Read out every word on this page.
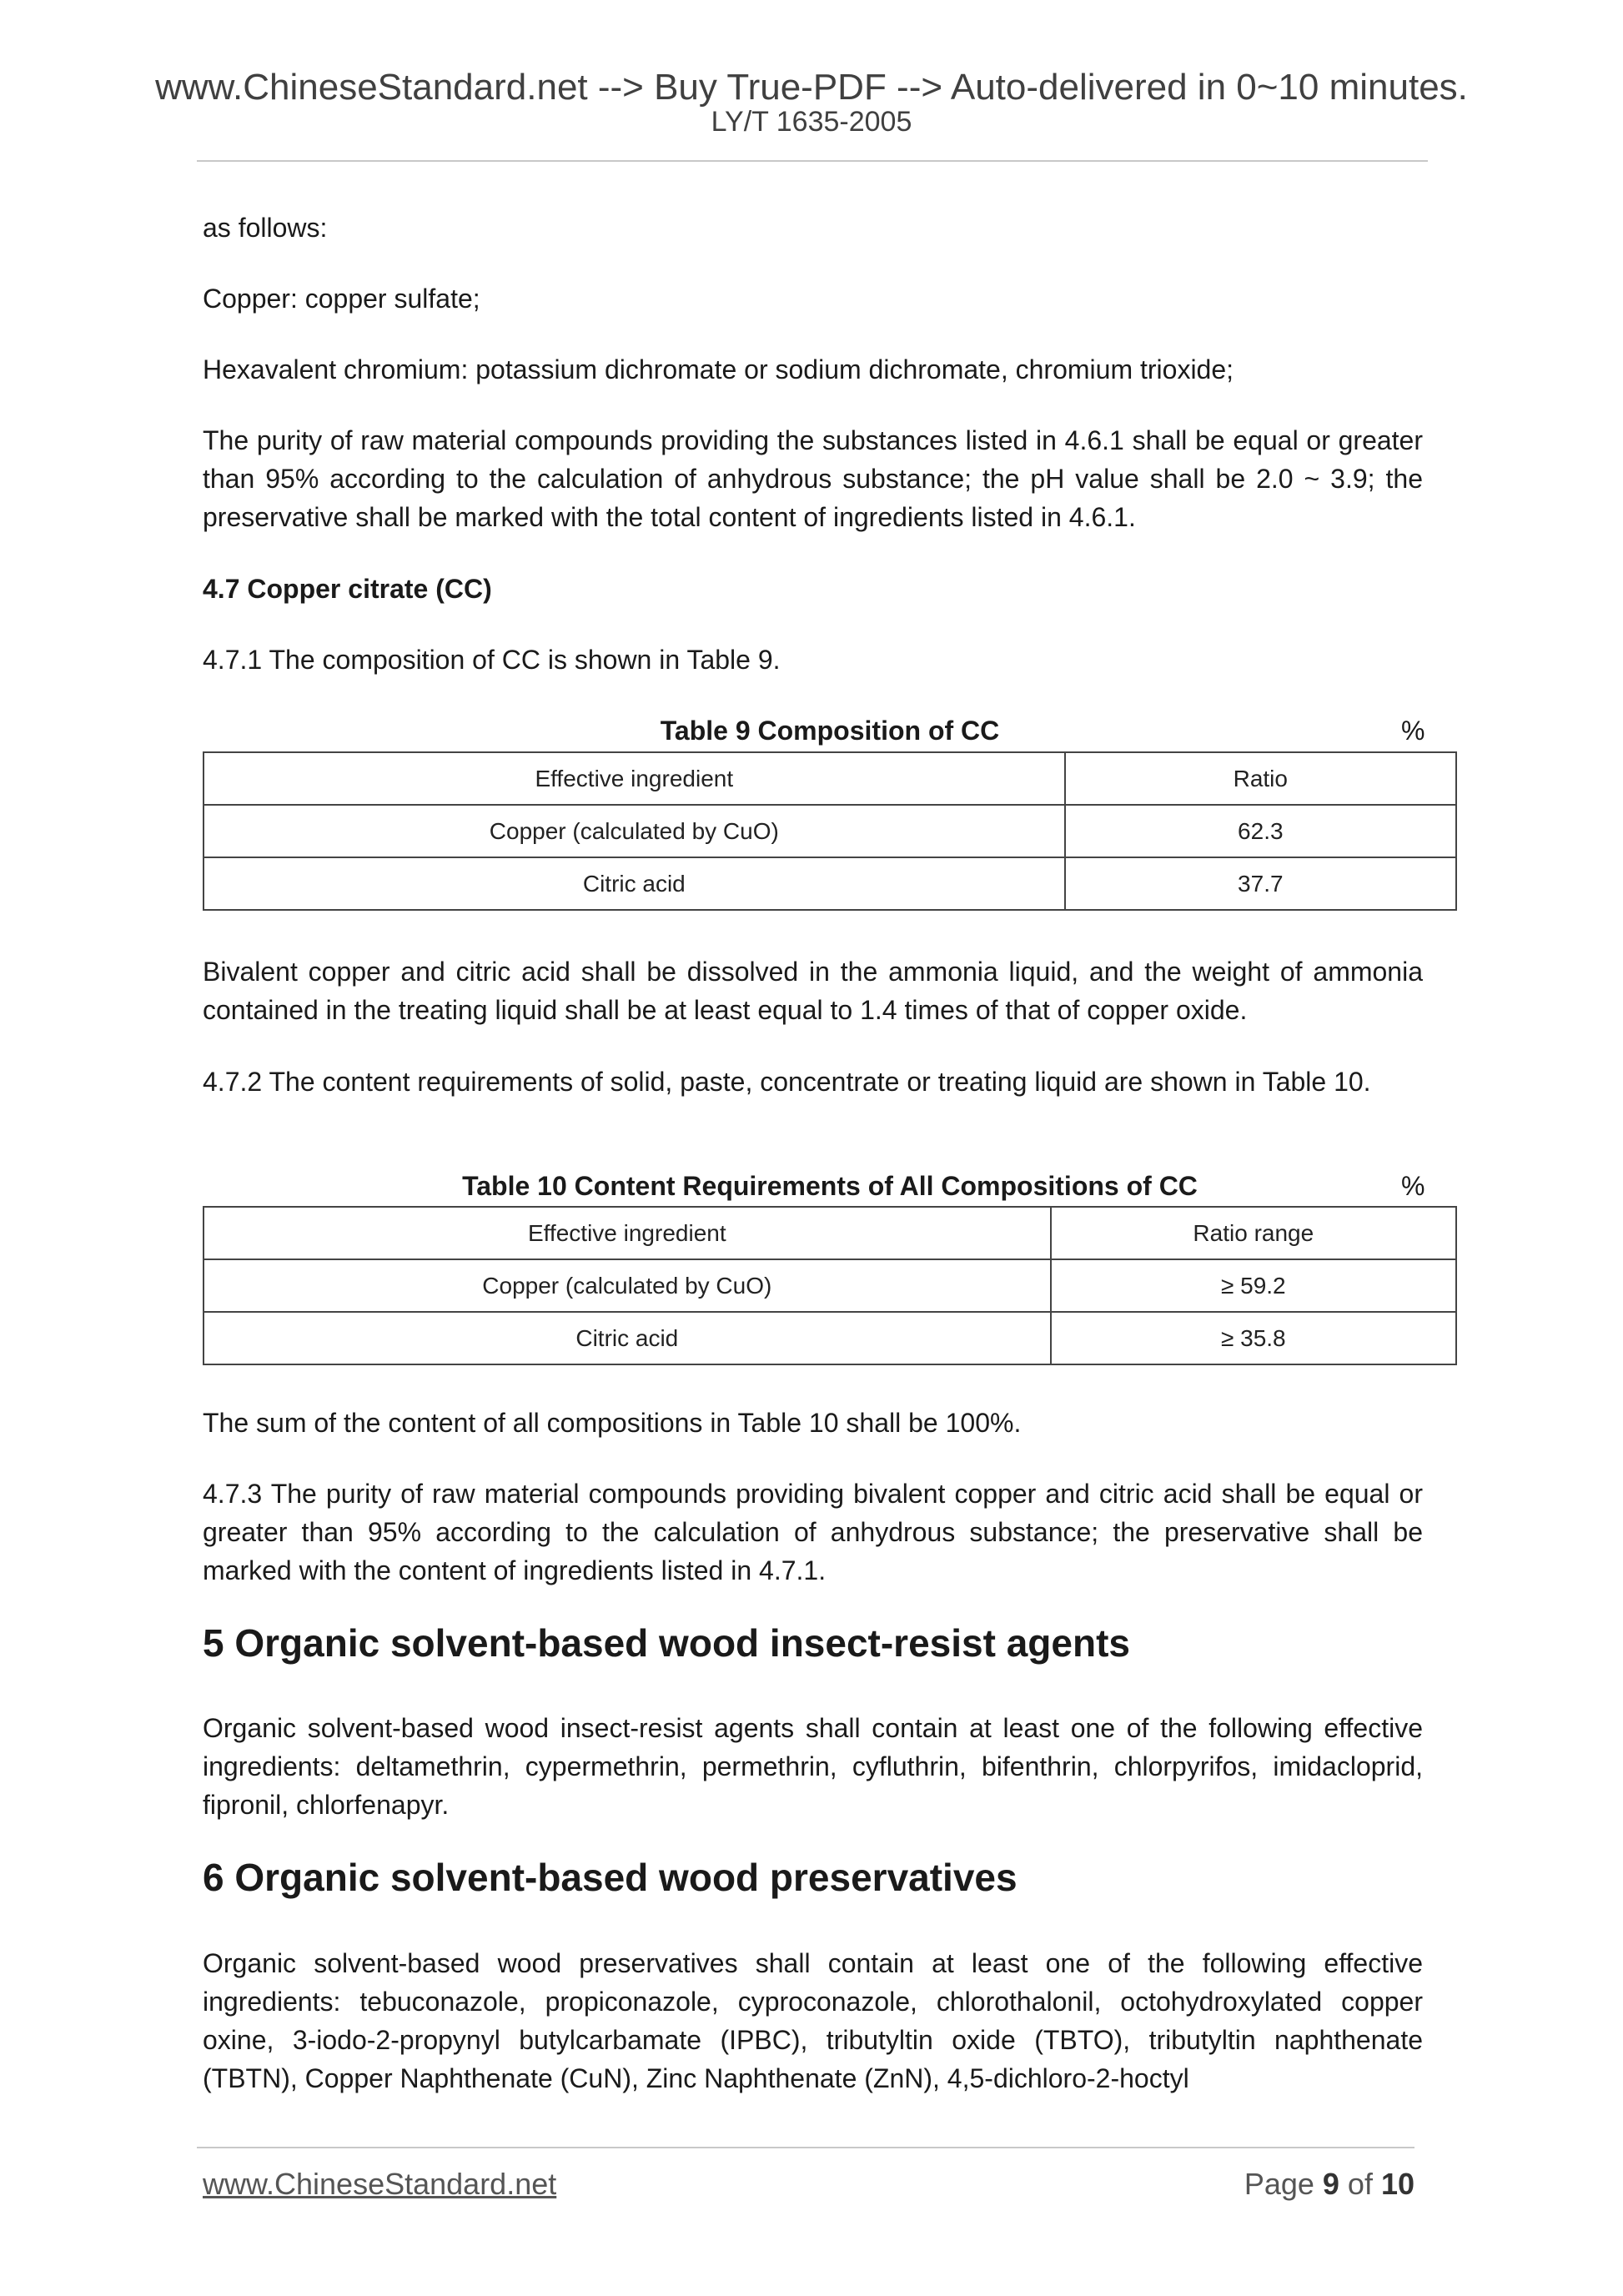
www.ChineseStandard.net --> Buy True-PDF --> Auto-delivered in 0~10 minutes.
LY/T 1635-2005

as follows:

Copper: copper sulfate;

Hexavalent chromium: potassium dichromate or sodium dichromate, chromium trioxide;

The purity of raw material compounds providing the substances listed in 4.6.1 shall be equal or greater than 95% according to the calculation of anhydrous substance; the pH value shall be 2.0 ~ 3.9; the preservative shall be marked with the total content of ingredients listed in 4.6.1.

4.7 Copper citrate (CC)

4.7.1 The composition of CC is shown in Table 9.

Table 9 Composition of CC	%
Effective ingredient	Ratio
Copper (calculated by CuO)	62.3
Citric acid	37.7

Bivalent copper and citric acid shall be dissolved in the ammonia liquid, and the weight of ammonia contained in the treating liquid shall be at least equal to 1.4 times of that of copper oxide.

4.7.2 The content requirements of solid, paste, concentrate or treating liquid are shown in Table 10.

Table 10 Content Requirements of All Compositions of CC	%
Effective ingredient	Ratio range
Copper (calculated by CuO)	≥ 59.2
Citric acid	≥ 35.8

The sum of the content of all compositions in Table 10 shall be 100%.

4.7.3 The purity of raw material compounds providing bivalent copper and citric acid shall be equal or greater than 95% according to the calculation of anhydrous substance; the preservative shall be marked with the content of ingredients listed in 4.7.1.

5 Organic solvent-based wood insect-resist agents

Organic solvent-based wood insect-resist agents shall contain at least one of the following effective ingredients: deltamethrin, cypermethrin, permethrin, cyfluthrin, bifenthrin, chlorpyrifos, imidacloprid, fipronil, chlorfenapyr.

6 Organic solvent-based wood preservatives

Organic solvent-based wood preservatives shall contain at least one of the following effective ingredients: tebuconazole, propiconazole, cyproconazole, chlorothalonil, octohydroxylated copper oxine, 3-iodo-2-propynyl butylcarbamate (IPBC), tributyltin oxide (TBTO), tributyltin naphthenate (TBTN), Copper Naphthenate (CuN), Zinc Naphthenate (ZnN), 4,5-dichloro-2-hoctyl

www.ChineseStandard.net	Page 9 of 10
